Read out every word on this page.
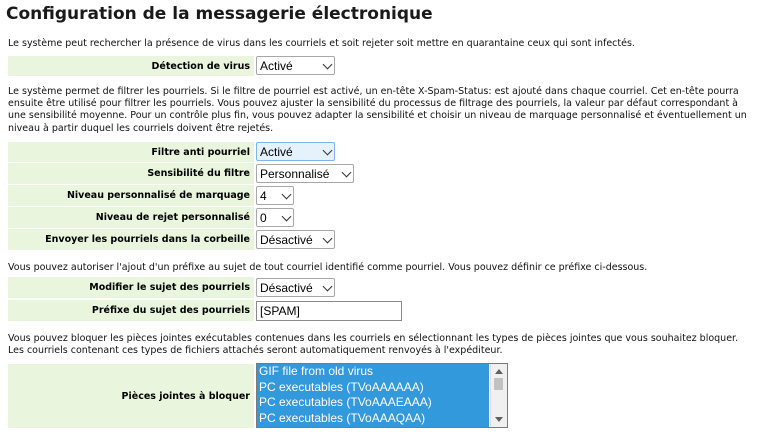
Configuration de la messagerie électronique
Le système peut rechercher la présence de virus dans les courriels et soit rejeter soit mettre en quarantaine ceux qui sont infectés.
Détection de virus Activé
Le système permet de filtrer les pourriels. Si le filtre de pourriel est activé, un en-tête X-Spam-Status: est ajouté dans chaque courriel. Cet en-tête pourra ensuite être utilisé pour filtrer les pourriels. Vous pouvez ajuster la sensibilité du processus de filtrage des pourriels, la valeur par défaut correspondant à une sensibilité moyenne. Pour un contrôle plus fin, vous pouvez adapter la sensibilité et choisir un niveau de marquage personnalisé et éventuellement un niveau à partir duquel les courriels doivent être rejetés.
Filtre anti pourriel Activé
Sensibilité du filtre Personnalisé
Niveau personnalisé de marquage 4
Niveau de rejet personnalisé 0
Envoyer les pourriels dans la corbeille Désactivé
Vous pouvez autoriser l'ajout d'un préfixe au sujet de tout courriel identifié comme pourriel. Vous pouvez définir ce préfixe ci-dessous.
Modifier le sujet des pourriels Désactivé
Préfixe du sujet des pourriels [SPAM]
Vous pouvez bloquer les pièces jointes exécutables contenues dans les courriels en sélectionnant les types de pièces jointes que vous souhaitez bloquer. Les courriels contenant ces types de fichiers attachés seront automatiquement renvoyés à l'expéditeur.
Pièces jointes à bloquer
GIF file from old virus
PC executables (TVoAAAAAA)
PC executables (TVoAAAEAAA)
PC executables (TVoAAAQAA)
